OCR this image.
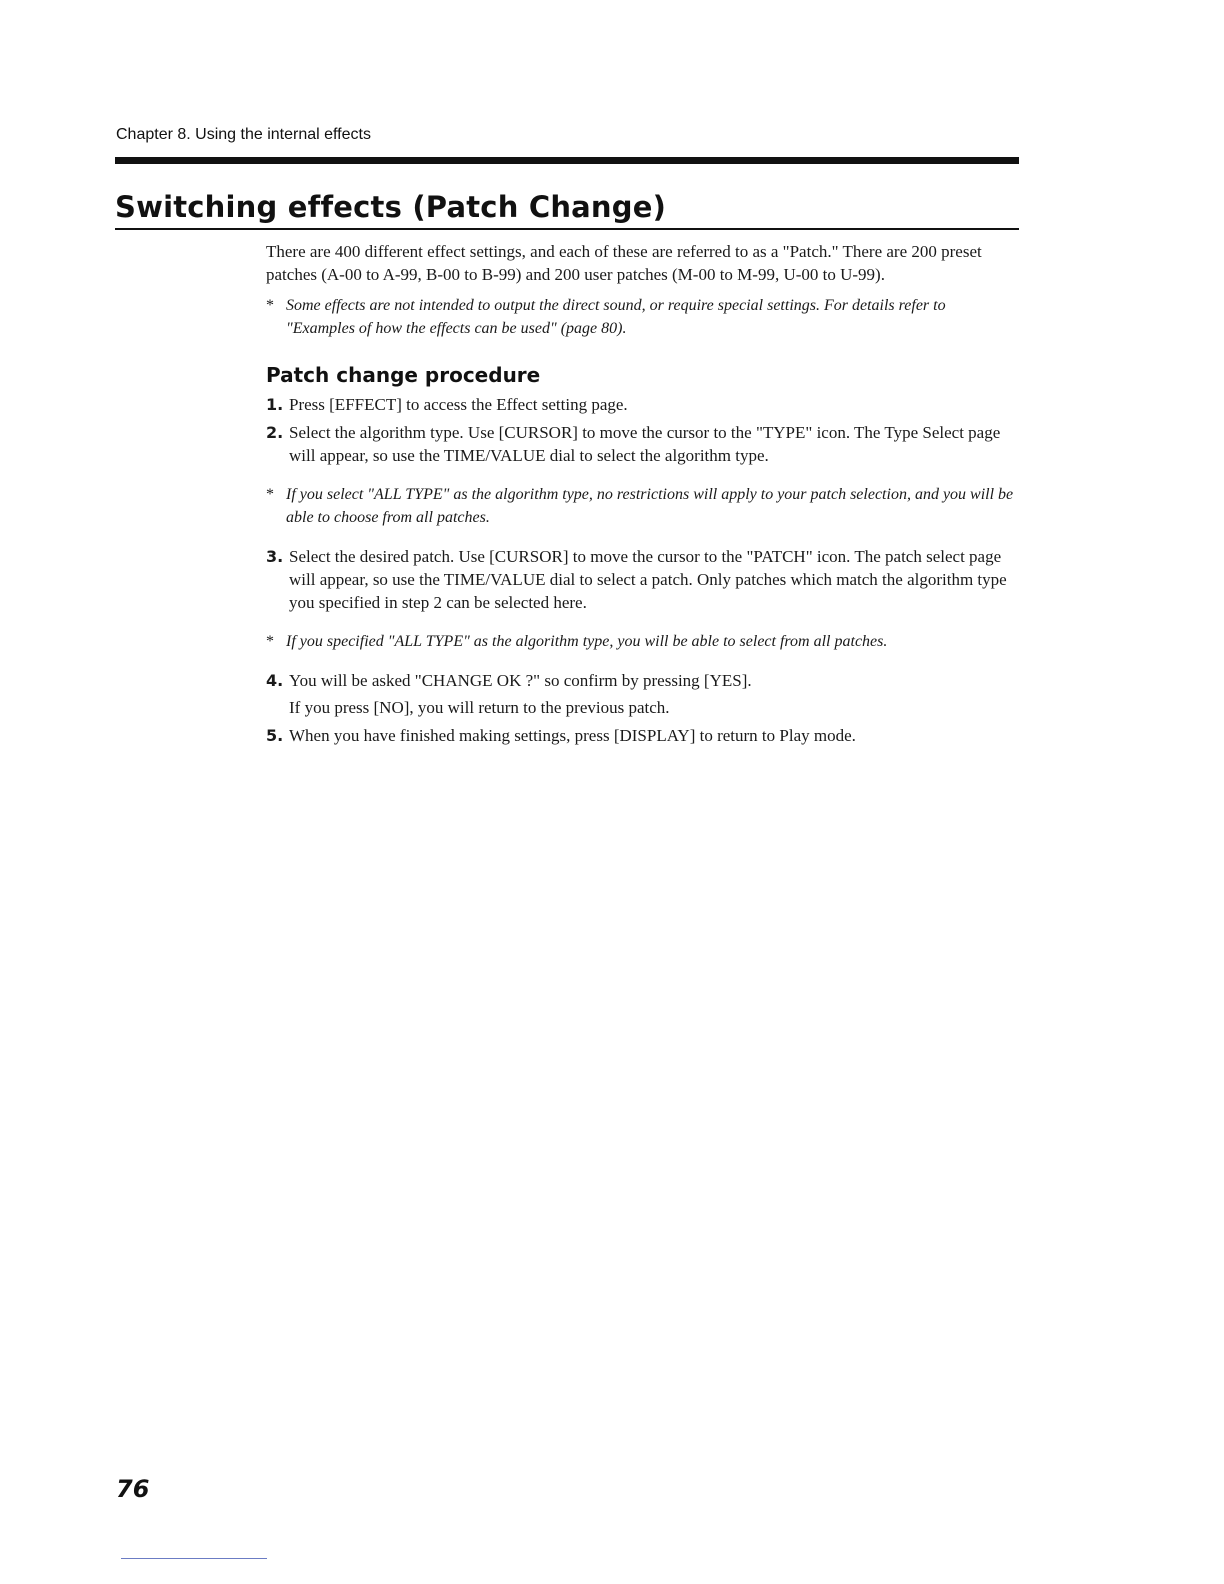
Chapter 8. Using the internal effects
Switching effects (Patch Change)

There are 400 different effect settings, and each of these are referred to as a "Patch." There are 200 preset patches (A-00 to A-99, B-00 to B-99) and 200 user patches (M-00 to M-99, U-00 to U-99).

* Some effects are not intended to output the direct sound, or require special settings. For details refer to "Examples of how the effects can be used" (page 80).

Patch change procedure

1. Press [EFFECT] to access the Effect setting page.

2. Select the algorithm type. Use [CURSOR] to move the cursor to the "TYPE" icon. The Type Select page will appear, so use the TIME/VALUE dial to select the algorithm type.

* If you select "ALL TYPE" as the algorithm type, no restrictions will apply to your patch selection, and you will be able to choose from all patches.

3. Select the desired patch. Use [CURSOR] to move the cursor to the "PATCH" icon. The patch select page will appear, so use the TIME/VALUE dial to select a patch. Only patches which match the algorithm type you specified in step 2 can be selected here.

* If you specified "ALL TYPE" as the algorithm type, you will be able to select from all patches.

4. You will be asked "CHANGE OK ?" so confirm by pressing [YES].

If you press [NO], you will return to the previous patch.

5. When you have finished making settings, press [DISPLAY] to return to Play mode.

76
